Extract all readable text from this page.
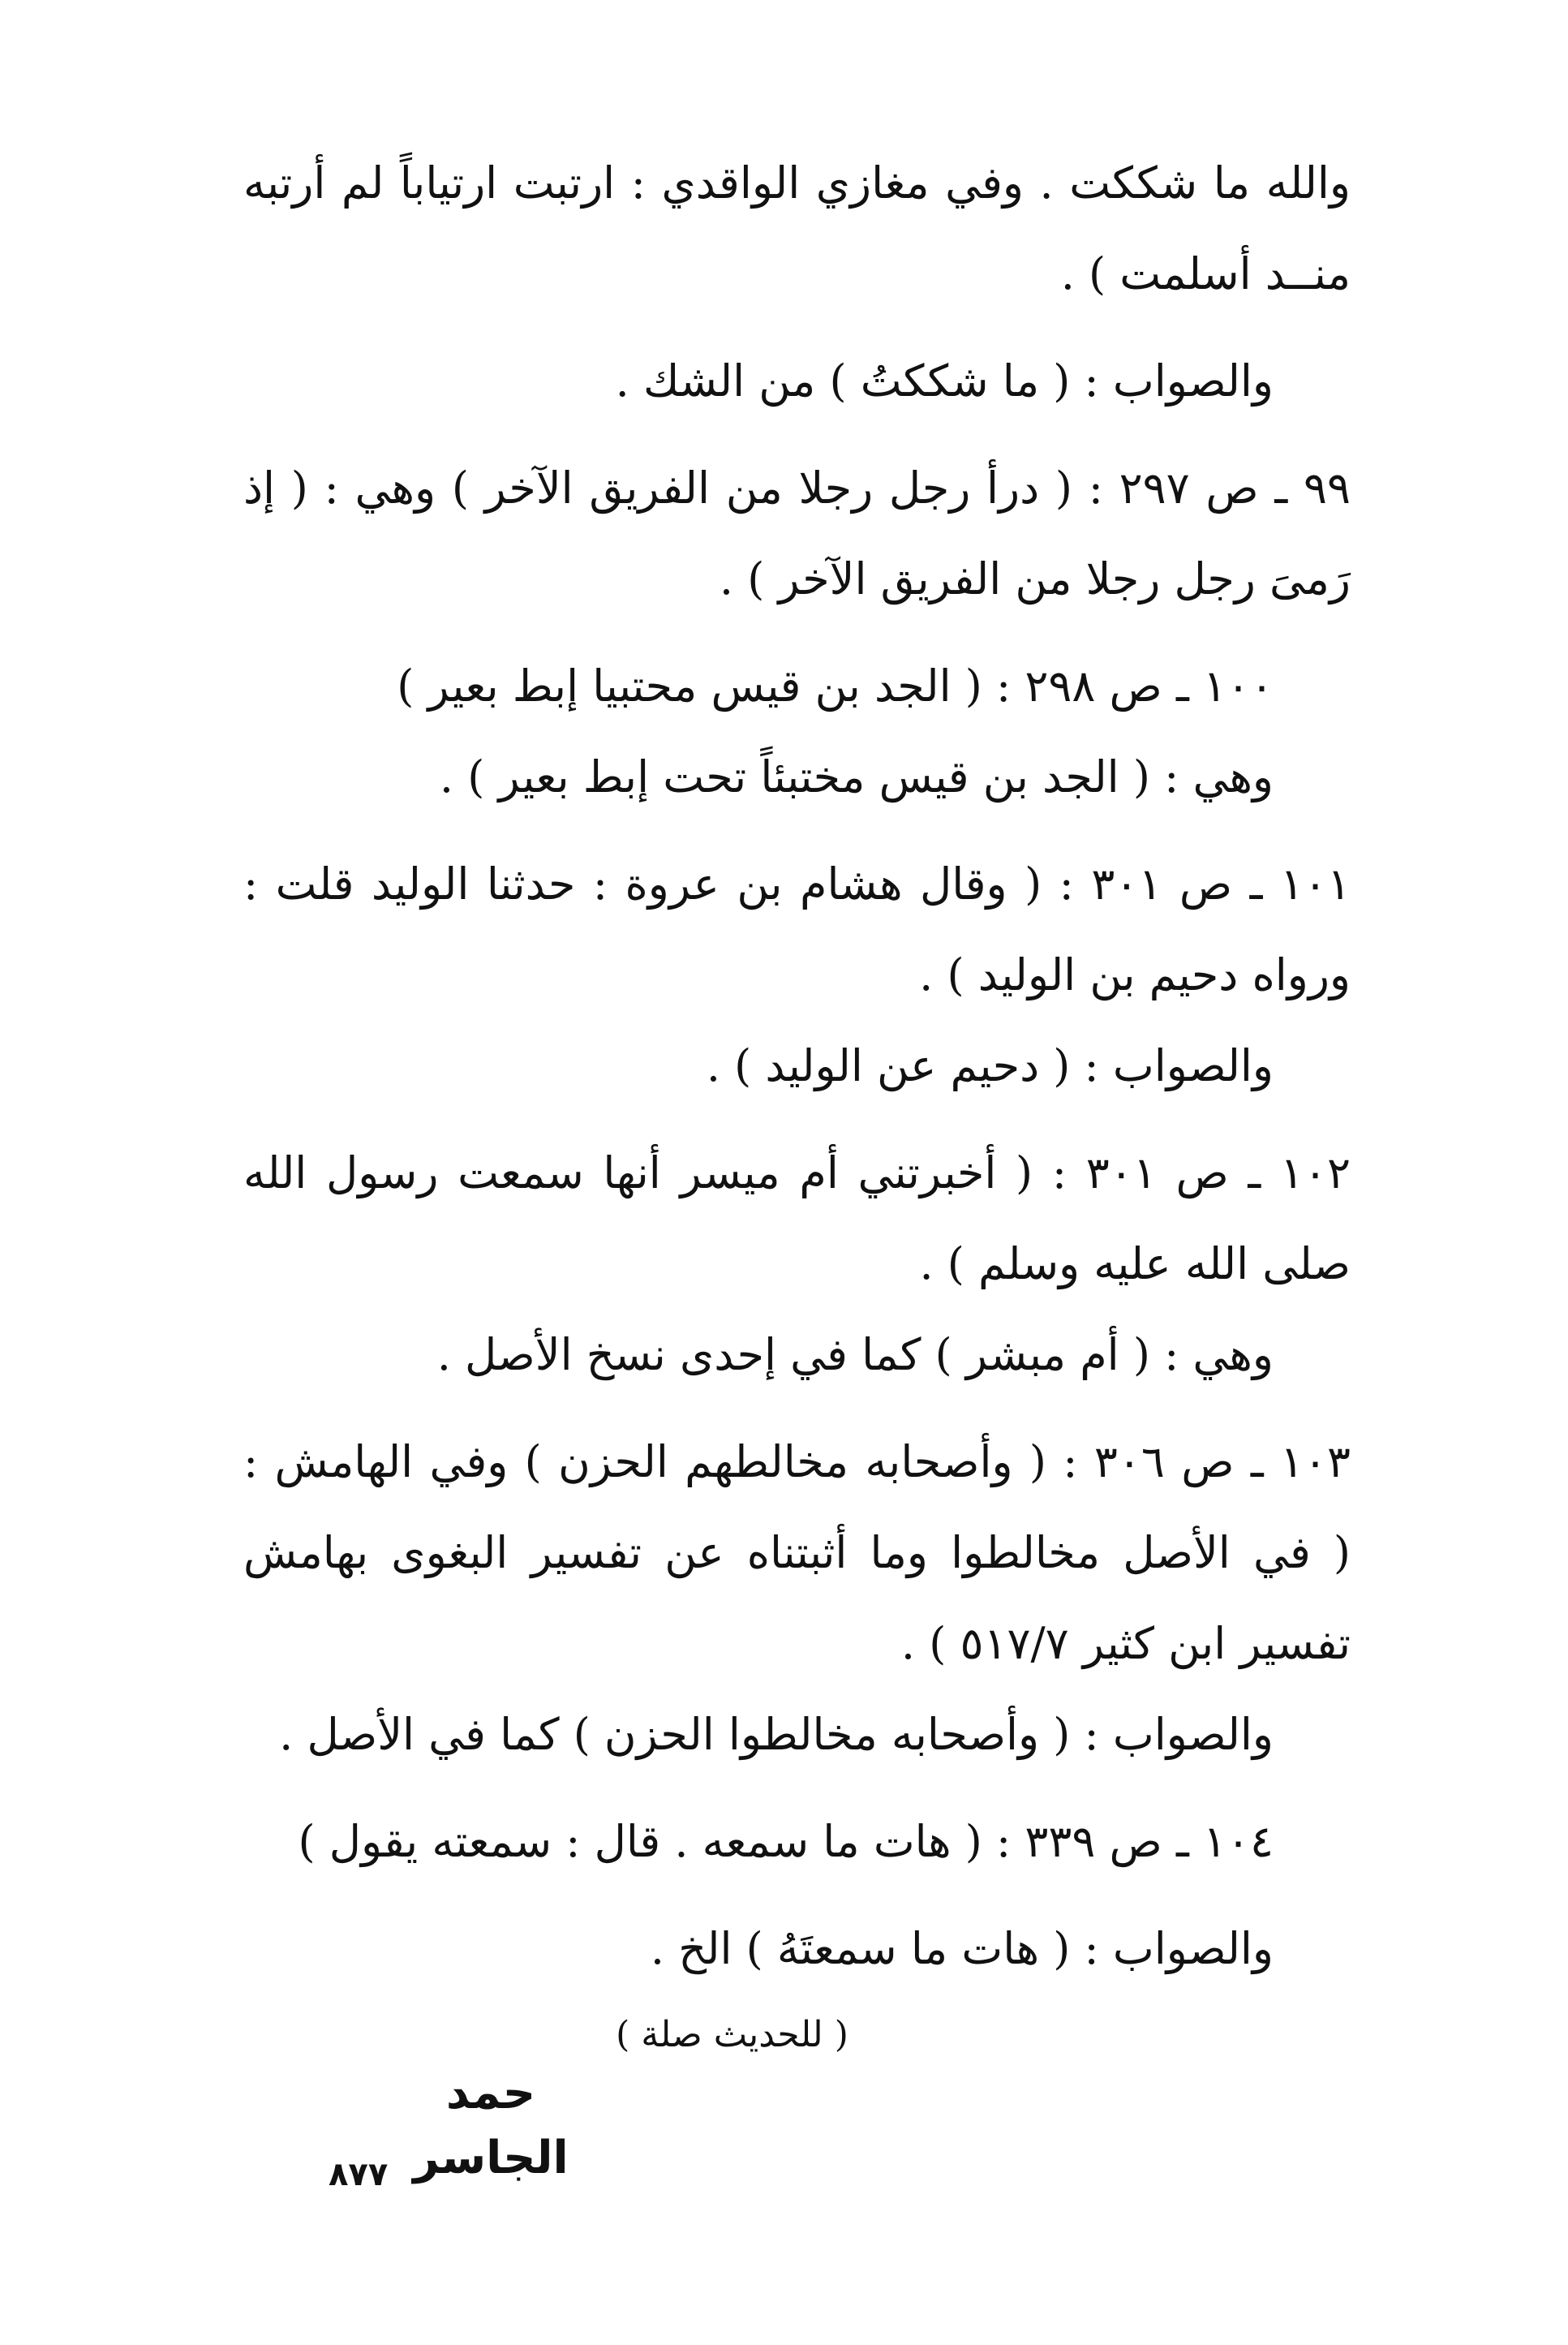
والله ما شككت . وفي مغازي الواقدي : ارتبت ارتياباً لم أرتبه منــد أسلمت ) .

والصواب : ( ما شككتُ ) من الشك .

٩٩ ـ ص ٢٩٧ : ( درأ رجل رجلا من الفريق الآخر ) وهي : ( إذ رَمىَ رجل رجلا من الفريق الآخر ) .

١٠٠ ـ ص ٢٩٨ : ( الجد بن قيس محتبيا إبط بعير )

وهي : ( الجد بن قيس مختبئاً تحت إبط بعير ) .

١٠١ ـ ص ٣٠١ : ( وقال هشام بن عروة : حدثنا الوليد قلت : ورواه دحيم بن الوليد ) .

والصواب : ( دحيم عن الوليد ) .

١٠٢ ـ ص ٣٠١ : ( أخبرتني أم ميسر أنها سمعت رسول الله صلى الله عليه وسلم ) .

وهي : ( أم مبشر ) كما في إحدى نسخ الأصل .

١٠٣ ـ ص ٣٠٦ : ( وأصحابه مخالطهم الحزن ) وفي الهامش : ( في الأصل مخالطوا وما أثبتناه عن تفسير البغوى بهامش تفسير ابن كثير ٥١٧/٧ ) .

والصواب : ( وأصحابه مخالطوا الحزن ) كما في الأصل .

١٠٤ ـ ص ٣٣٩ : ( هات ما سمعه . قال : سمعته يقول )

والصواب : ( هات ما سمعتَهُ ) الخ .

( للحديث صلة )

حمد الجاسر
٨٧٧
